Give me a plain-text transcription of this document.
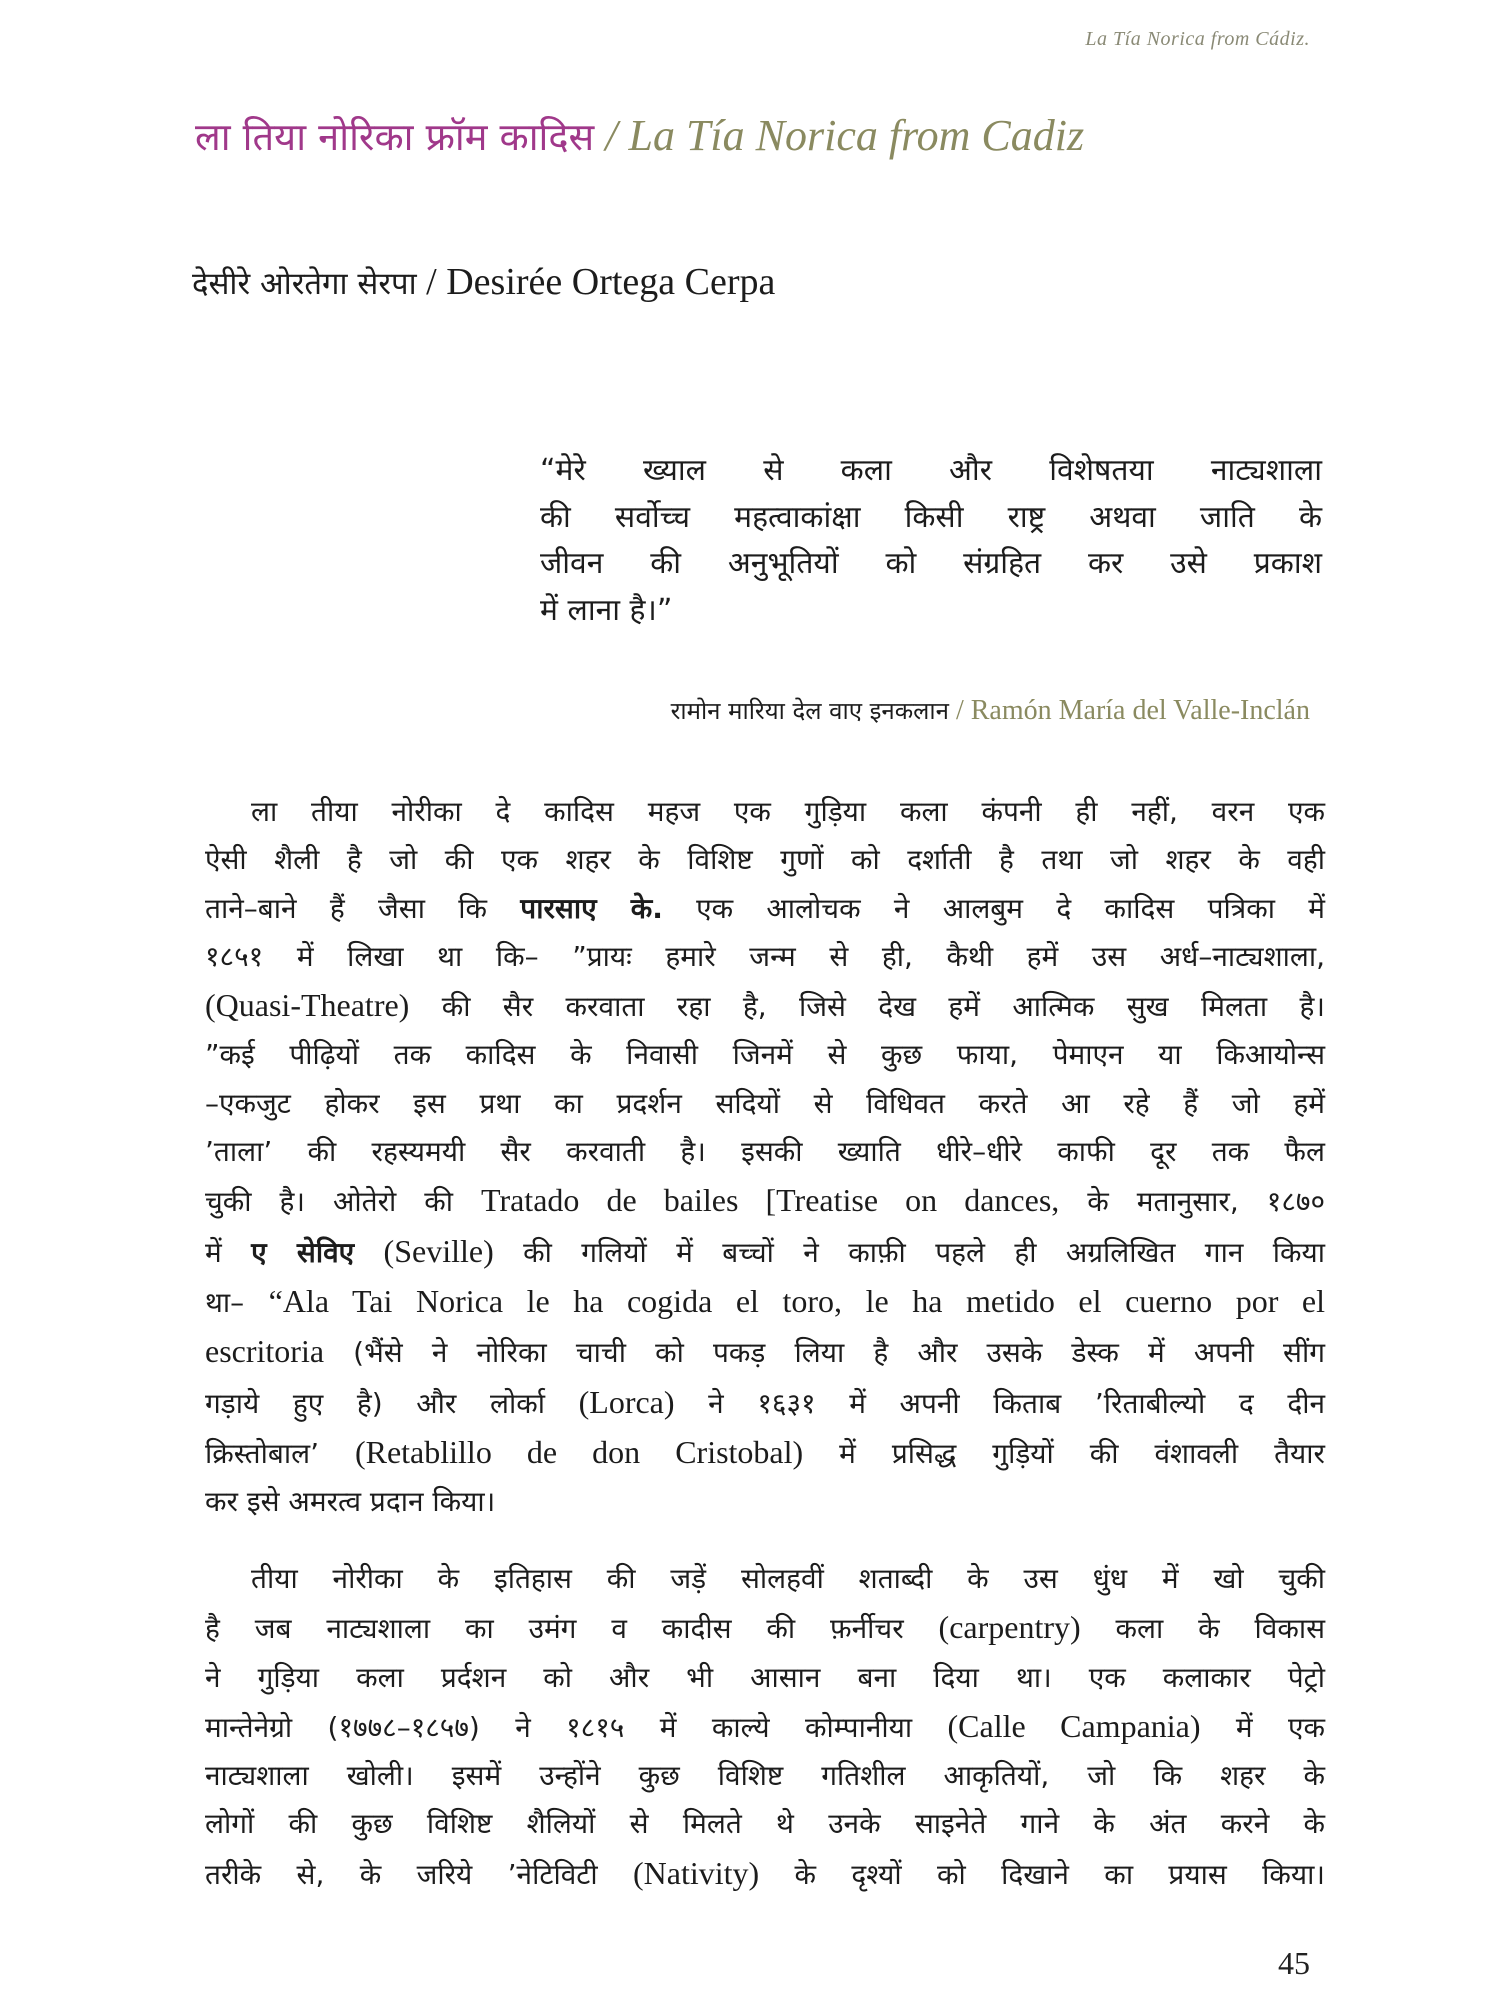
La Tía Norica from Cádiz.
ला तिया नोरिका फ्रॉम कादिस / La Tía Norica from Cadiz
देसीरे ओरतेगा सेरपा / Desirée Ortega Cerpa
“मेरे ख्याल से कला और विशेषतया नाट्यशाला
की सर्वोच्च महत्वाकांक्षा किसी राष्ट्र अथवा जाति के
जीवन की अनुभूतियों को संग्रहित कर उसे प्रकाश
में लाना है।”
रामोन मारिया देल वाए इनकलान / Ramón María del Valle-Inclán
ला तीया नोरीका दे कादिस महज एक गुड़िया कला कंपनी ही नहीं, वरन एक
ऐसी शैली है जो की एक शहर के विशिष्ट गुणों को दर्शाती है तथा जो शहर के वही
ताने–बाने हैं जैसा कि पारसाए के. एक आलोचक ने आलबुम दे कादिस पत्रिका में
१८५१ में लिखा था कि– ”प्रायः हमारे जन्म से ही, कैथी हमें उस अर्ध–नाट्यशाला,
(Quasi-Theatre) की सैर करवाता रहा है, जिसे देख हमें आत्मिक सुख मिलता है।
”कई पीढ़ियों तक कादिस के निवासी जिनमें से कुछ फाया, पेमाएन या किआयोन्स
–एकजुट होकर इस प्रथा का प्रदर्शन सदियों से विधिवत करते आ रहे हैं जो हमें
’ताला’ की रहस्यमयी सैर करवाती है। इसकी ख्याति धीरे–धीरे काफी दूर तक फैल
चुकी है। ओतेरो की Tratado de bailes [Treatise on dances, के मतानुसार, १८७०
में ए सेविए (Seville) की गलियों में बच्चों ने काफ़ी पहले ही अग्रलिखित गान किया
था– “Ala Tai Norica le ha cogida el toro, le ha metido el cuerno por el
escritoria (भैंसे ने नोरिका चाची को पकड़ लिया है और उसके डेस्क में अपनी सींग
गड़ाये हुए है) और लोर्का (Lorca) ने १६३१ में अपनी किताब ’रिताबील्यो द दीन
क्रिस्तोबाल’ (Retablillo de don Cristobal) में प्रसिद्ध गुड़ियों की वंशावली तैयार
कर इसे अमरत्व प्रदान किया।
तीया नोरीका के इतिहास की जड़ें सोलहवीं शताब्दी के उस धुंध में खो चुकी
है जब नाट्यशाला का उमंग व कादीस की फ़र्नीचर (carpentry) कला के विकास
ने गुड़िया कला प्रर्दशन को और भी आसान बना दिया था। एक कलाकार पेट्रो
मान्तेनेग्रो (१७७८–१८५७) ने १८१५ में काल्ये कोम्पानीया (Calle Campania) में एक
नाट्यशाला खोली। इसमें उन्होंने कुछ विशिष्ट गतिशील आकृतियों, जो कि शहर के
लोगों की कुछ विशिष्ट शैलियों से मिलते थे उनके साइनेते गाने के अंत करने के
तरीके से, के जरिये ’नेटिविटी (Nativity) के दृश्यों को दिखाने का प्रयास किया।
45
